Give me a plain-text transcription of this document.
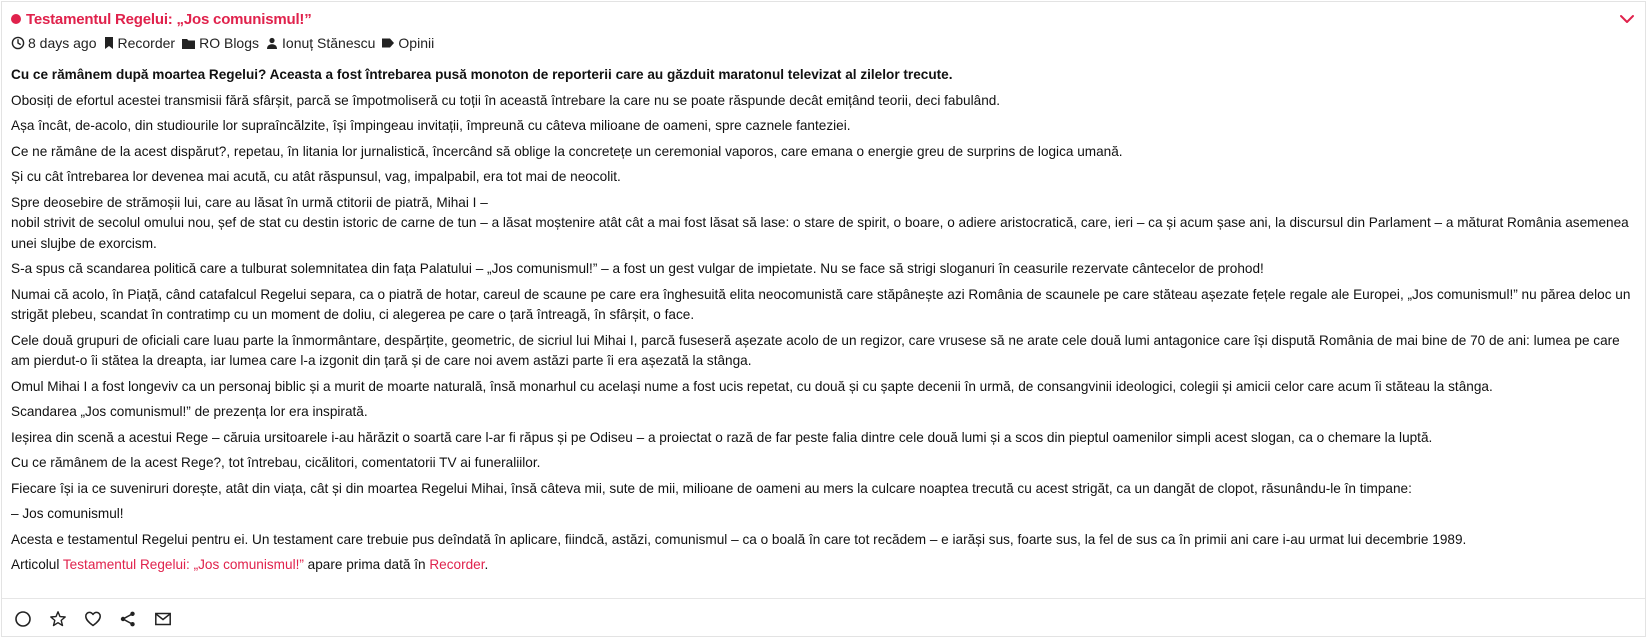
Testamentul Regelui: „Jos comunismul!”
8 days ago Recorder RO Blogs Ionuț Stănescu Opinii

Cu ce rămânem după moartea Regelui? Aceasta a fost întrebarea pusă monoton de reporterii care au găzduit maratonul televizat al zilelor trecute.

Obosiți de efortul acestei transmisii fără sfârșit, parcă se împotmoliseră cu toții în această întrebare la care nu se poate răspunde decât emițând teorii, deci fabulând.

Așa încât, de-acolo, din studiourile lor supraîncălzite, își împingeau invitații, împreună cu câteva milioane de oameni, spre caznele fanteziei.

Ce ne rămâne de la acest dispărut?, repetau, în litania lor jurnalistică, încercând să oblige la concretețe un ceremonial vaporos, care emana o energie greu de surprins de logica umană.

Și cu cât întrebarea lor devenea mai acută, cu atât răspunsul, vag, impalpabil, era tot mai de neocolit.

Spre deosebire de strămoșii lui, care au lăsat în urmă ctitorii de piatră, Mihai I –

nobil strivit de secolul omului nou, șef de stat cu destin istoric de carne de tun – a lăsat moștenire atât cât a mai fost lăsat să lase: o stare de spirit, o boare, o adiere aristocratică, care, ieri – ca și acum șase ani, la discursul din Parlament – a măturat România asemenea unei slujbe de exorcism.

S-a spus că scandarea politică care a tulburat solemnitatea din fața Palatului – „Jos comunismul!” – a fost un gest vulgar de impietate. Nu se face să strigi sloganuri în ceasurile rezervate cântecelor de prohod!

Numai că acolo, în Piață, când catafalcul Regelui separa, ca o piatră de hotar, careul de scaune pe care era înghesuită elita neocomunistă care stăpânește azi România de scaunele pe care stăteau așezate fețele regale ale Europei, „Jos comunismul!” nu părea deloc un strigăt plebeu, scandat în contratimp cu un moment de doliu, ci alegerea pe care o țară întreagă, în sfârșit, o face.

Cele două grupuri de oficiali care luau parte la înmormântare, despărțite, geometric, de sicriul lui Mihai I, parcă fuseseră așezate acolo de un regizor, care vrusese să ne arate cele două lumi antagonice care își dispută România de mai bine de 70 de ani: lumea pe care am pierdut-o îi stătea la dreapta, iar lumea care l-a izgonit din țară și de care noi avem astăzi parte îi era așezată la stânga.

Omul Mihai I a fost longeviv ca un personaj biblic și a murit de moarte naturală, însă monarhul cu același nume a fost ucis repetat, cu două și cu șapte decenii în urmă, de consangvinii ideologici, colegii și amicii celor care acum îi stăteau la stânga.

Scandarea „Jos comunismul!” de prezența lor era inspirată.

Ieșirea din scenă a acestui Rege – căruia ursitoarele i-au hărăzit o soartă care l-ar fi răpus și pe Odiseu – a proiectat o rază de far peste falia dintre cele două lumi și a scos din pieptul oamenilor simpli acest slogan, ca o chemare la luptă.

Cu ce rămânem de la acest Rege?, tot întrebau, cicălitori, comentatorii TV ai funeraliilor.

Fiecare își ia ce suveniruri dorește, atât din viața, cât și din moartea Regelui Mihai, însă câteva mii, sute de mii, milioane de oameni au mers la culcare noaptea trecută cu acest strigăt, ca un dangăt de clopot, răsunându-le în timpane:

– Jos comunismul!

Acesta e testamentul Regelui pentru ei. Un testament care trebuie pus deîndată în aplicare, fiindcă, astăzi, comunismul – ca o boală în care tot recădem – e iarăși sus, foarte sus, la fel de sus ca în primii ani care i-au urmat lui decembrie 1989.

Articolul Testamentul Regelui: „Jos comunismul!” apare prima dată în Recorder.
